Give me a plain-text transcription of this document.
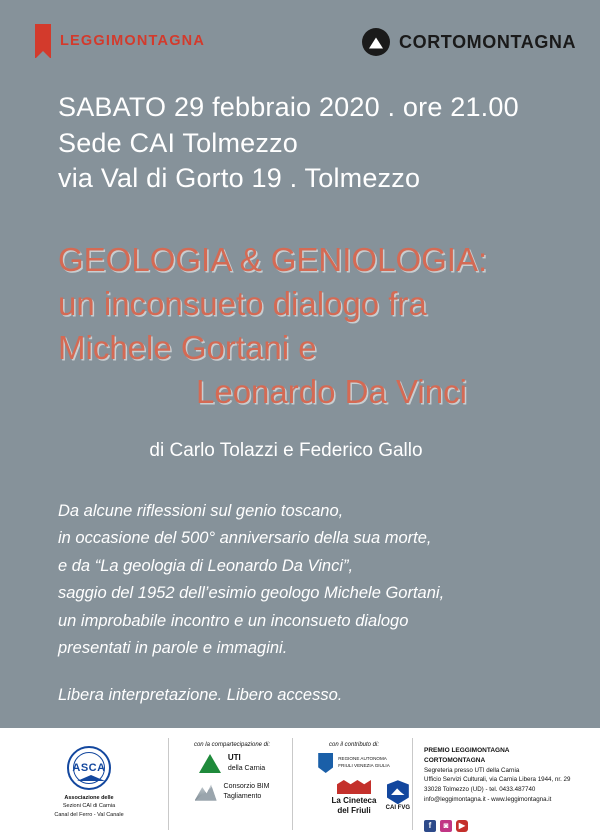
LEGGIMONTAGNA	CORTOMONTAGNA
SABATO 29 febbraio 2020 . ore 21.00
Sede CAI Tolmezzo
via Val di Gorto 19 . Tolmezzo
GEOLOGIA & GENIOLOGIA:
un inconsueto dialogo fra
Michele Gortani e
Leonardo Da Vinci
di Carlo Tolazzi e Federico Gallo

Da alcune riflessioni sul genio toscano,

in occasione del 500° anniversario della sua morte,

e da “La geologia di Leonardo Da Vinci”,

saggio del 1952 dell’esimio geologo Michele Gortani,

un improbabile incontro e un inconsueto dialogo

presentati in parole e immagini.

Libera interpretazione. Libero accesso.

ASCA
Associazione delle
Sezioni CAI di Carnia
Canal del Ferro - Val Canale
con la compartecipazione di:
UTI
della Carnia
Consorzio BIM
Tagliamento
con il contributo di:
REGIONE AUTONOMA
FRIULI VENEZIA GIULIA
La Cineteca
del Friuli	CAI FVG
PREMIO LEGGIMONTAGNA
CORTOMONTAGNA
Segreteria presso UTI della Carnia
Ufficio Servizi Culturali, via Carnia Libera 1944, nr. 29
33028 Tolmezzo (UD) - tel. 0433.487740
info@leggimontagna.it - www.leggimontagna.it
f	◙	▶
